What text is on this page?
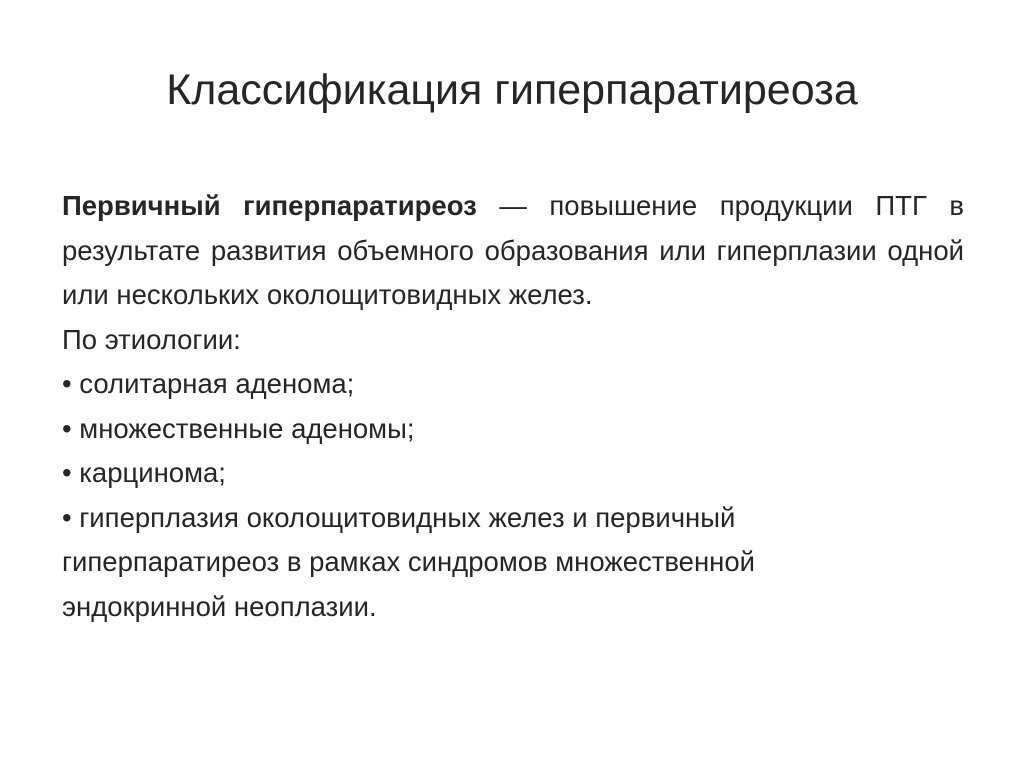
Классификация гиперпаратиреоза

Первичный гиперпаратиреоз — повышение продукции ПТГ в результате развития объемного образования или гиперплазии одной или нескольких околощитовидных желез.

По этиологии:

• солитарная аденома;

• множественные аденомы;

• карцинома;

• гиперплазия околощитовидных желез и первичный

гиперпаратиреоз в рамках синдромов множественной

эндокринной неоплазии.
